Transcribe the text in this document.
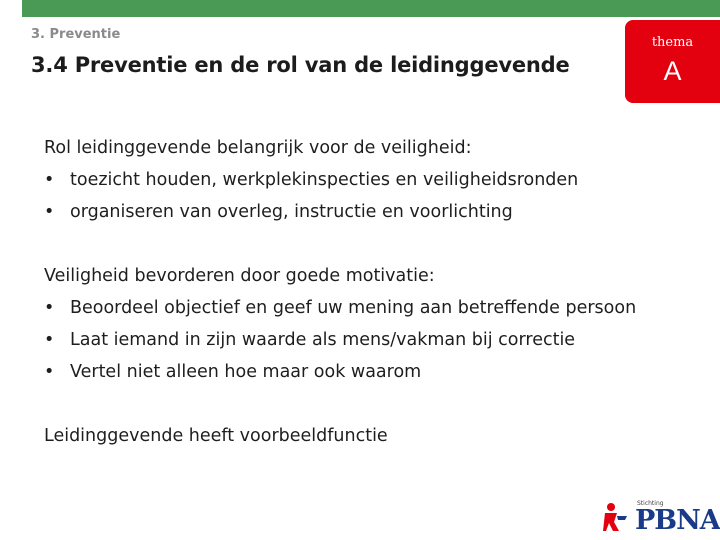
3. Preventie
3.4 Preventie en de rol van de leidinggevende
thema
A

Rol leidinggevende belangrijk voor de veiligheid:

• toezicht houden, werkplekinspecties en veiligheidsronden
• organiseren van overleg, instructie en voorlichting

Veiligheid bevorderen door goede motivatie:

• Beoordeel objectief en geef uw mening aan betreffende persoon
• Laat iemand in zijn waarde als mens/vakman bij correctie
• Vertel niet alleen hoe maar ook waarom

Leidinggevende heeft voorbeeldfunctie

Stichting
PBNA
